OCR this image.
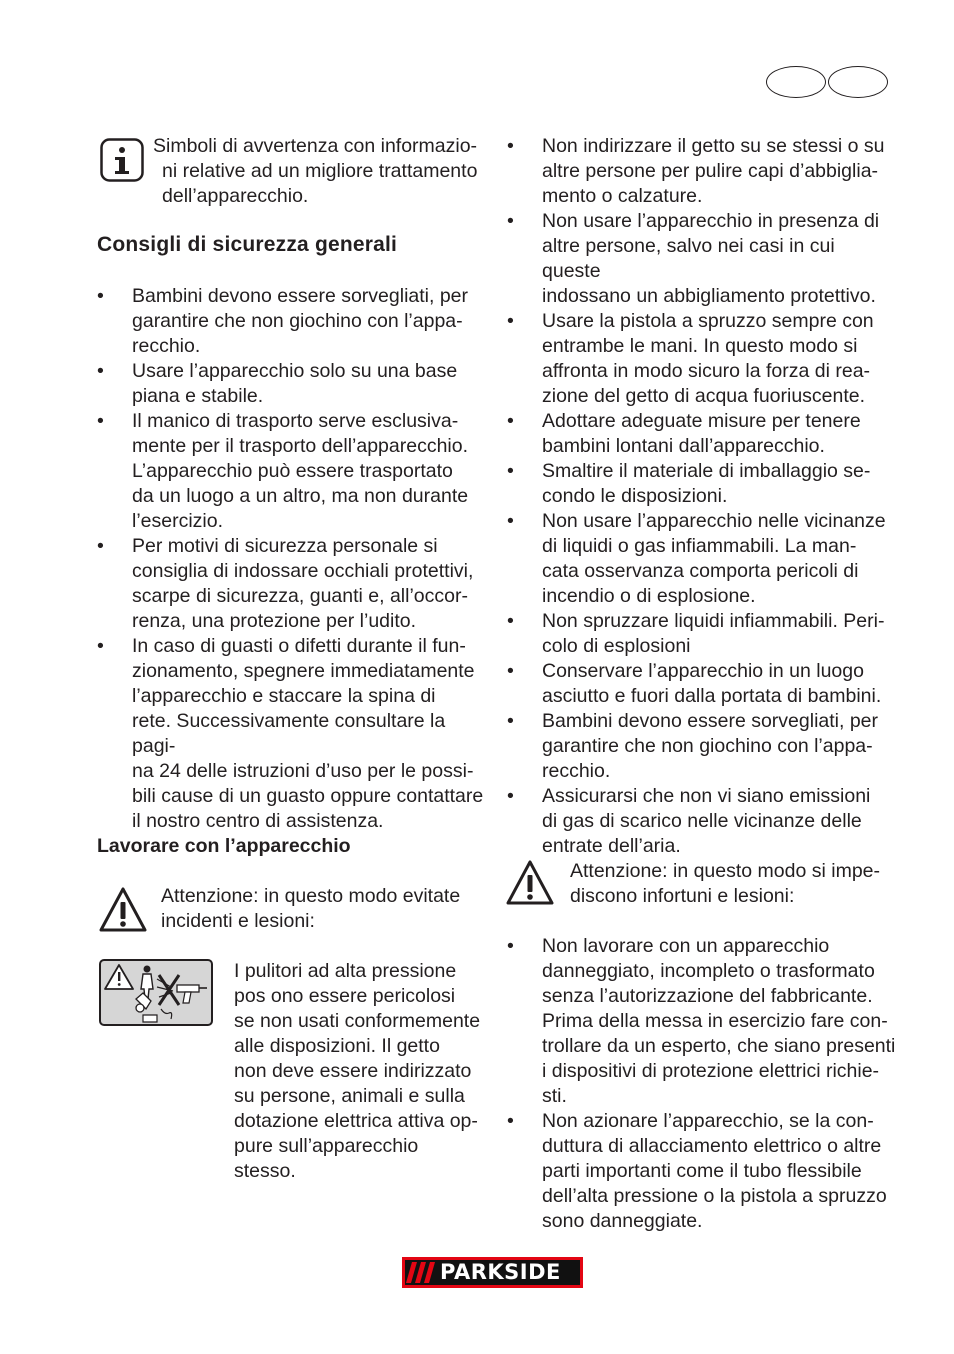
Simboli di avvertenza con informazio-
ni relative ad un migliore trattamento
dell’apparecchio.
Consigli di sicurezza generali
• Bambini devono essere sorvegliati, per
garantire che non giochino con l’appa-
recchio.
• Usare l’apparecchio solo su una base
piana e stabile.
• Il manico di trasporto serve esclusiva-
mente per il trasporto dell’apparecchio.
L’apparecchio può essere trasportato
da un luogo a un altro, ma non durante
l’esercizio.
• Per motivi di sicurezza personale si
consiglia di indossare occhiali protettivi,
scarpe di sicurezza, guanti e, all’occor-
renza, una protezione per l’udito.
• In caso di guasti o difetti durante il fun-
zionamento, spegnere immediatamente
l’apparecchio e staccare la spina di
rete. Successivamente consultare la pagi-
na 24 delle istruzioni d’uso per le possi-
bili cause di un guasto oppure contattare
il nostro centro di assistenza.
Lavorare con l’apparecchio
Attenzione: in questo modo evitate
incidenti e lesioni:
I pulitori ad alta pressione
pos ono essere pericolosi
se non usati conformemente
alle disposizioni. Il getto
non deve essere indirizzato
su persone, animali e sulla
dotazione elettrica attiva op-
pure sull’apparecchio stesso.
• Non indirizzare il getto su se stessi o su
altre persone per pulire capi d’abbiglia-
mento o calzature.
• Non usare l’apparecchio in presenza di
altre persone, salvo nei casi in cui queste
indossano un abbigliamento protettivo.
• Usare la pistola a spruzzo sempre con
entrambe le mani. In questo modo si
affronta in modo sicuro la forza di rea-
zione del getto di acqua fuoriuscente.
• Adottare adeguate misure per tenere
bambini lontani dall’apparecchio.
• Smaltire il materiale di imballaggio se-
condo le disposizioni.
• Non usare l’apparecchio nelle vicinanze
di liquidi o gas infiammabili. La man-
cata osservanza comporta pericoli di
incendio o di esplosione.
• Non spruzzare liquidi infiammabili. Peri-
colo di esplosioni
• Conservare l’apparecchio in un luogo
asciutto e fuori dalla portata di bambini.
• Bambini devono essere sorvegliati, per
garantire che non giochino con l’appa-
recchio.
• Assicurarsi che non vi siano emissioni
di gas di scarico nelle vicinanze delle
entrate dell’aria.
Attenzione: in questo modo si impe-
discono infortuni e lesioni:
• Non lavorare con un apparecchio
danneggiato, incompleto o trasformato
senza l’autorizzazione del fabbricante.
Prima della messa in esercizio fare con-
trollare da un esperto, che siano presenti
i dispositivi di protezione elettrici richie-
sti.
• Non azionare l’apparecchio, se la con-
duttura di allacciamento elettrico o altre
parti importanti come il tubo flessibile
dell’alta pressione o la pistola a spruzzo
sono danneggiate.
PARKSIDE
